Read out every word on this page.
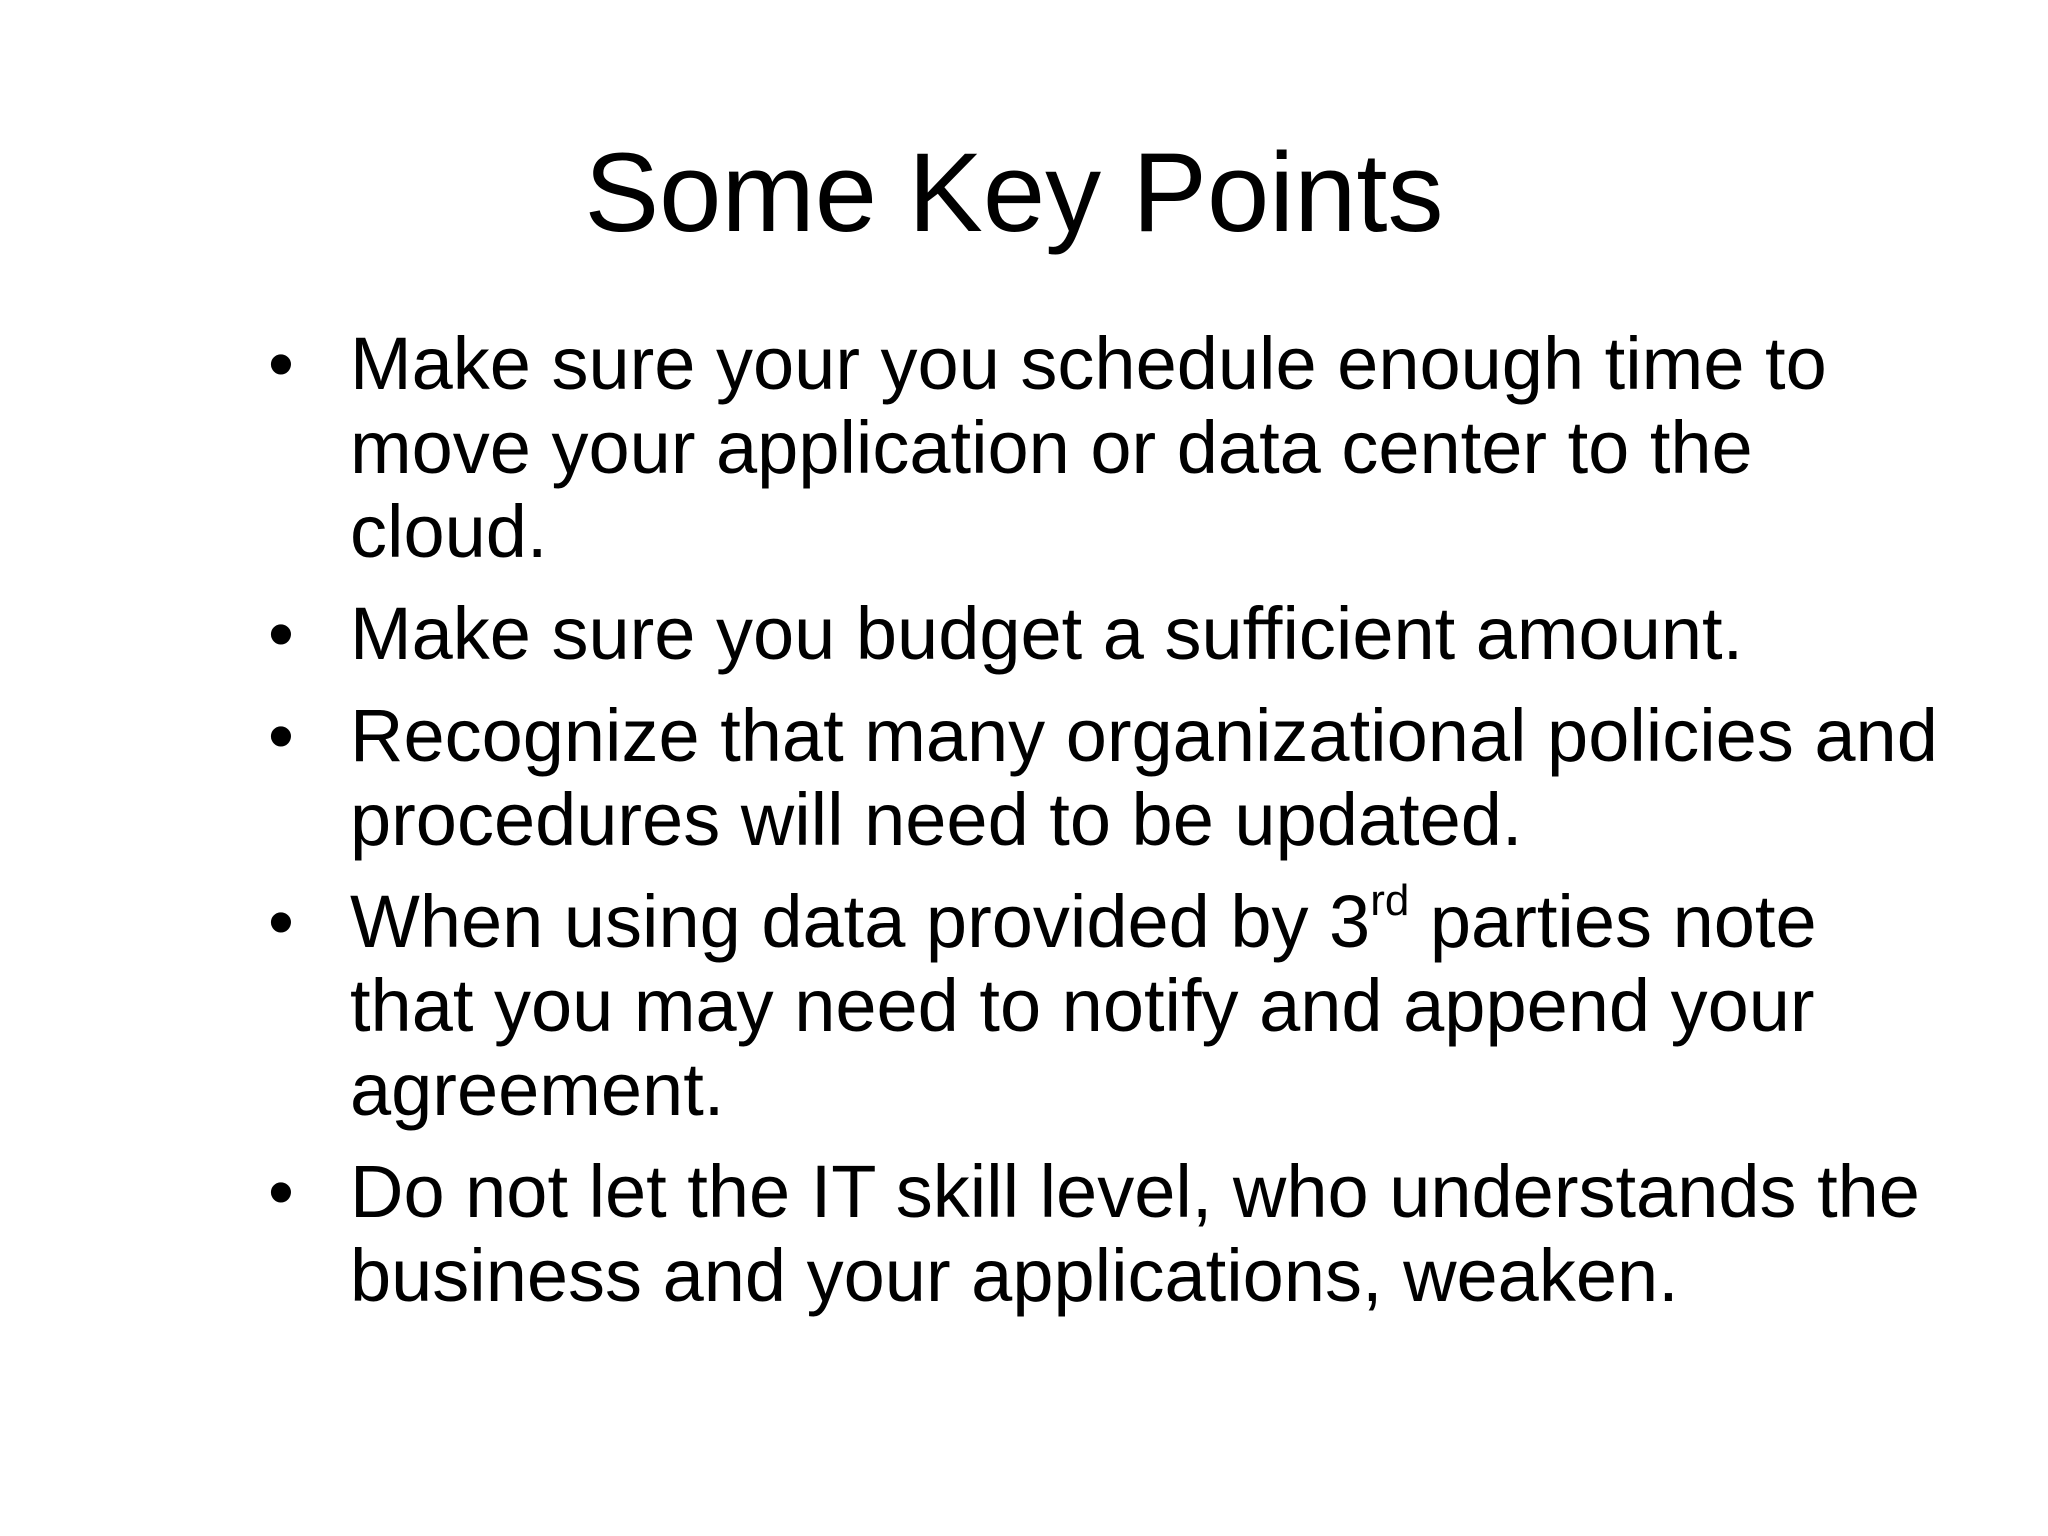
Some Key Points
• Make sure your you schedule enough time to move your application or data center to the cloud.
• Make sure you budget a sufficient amount.
• Recognize that many organizational policies and procedures will need to be updated.
• When using data provided by 3rd parties note that you may need to notify and append your agreement.
• Do not let the IT skill level, who understands the business and your applications, weaken.
